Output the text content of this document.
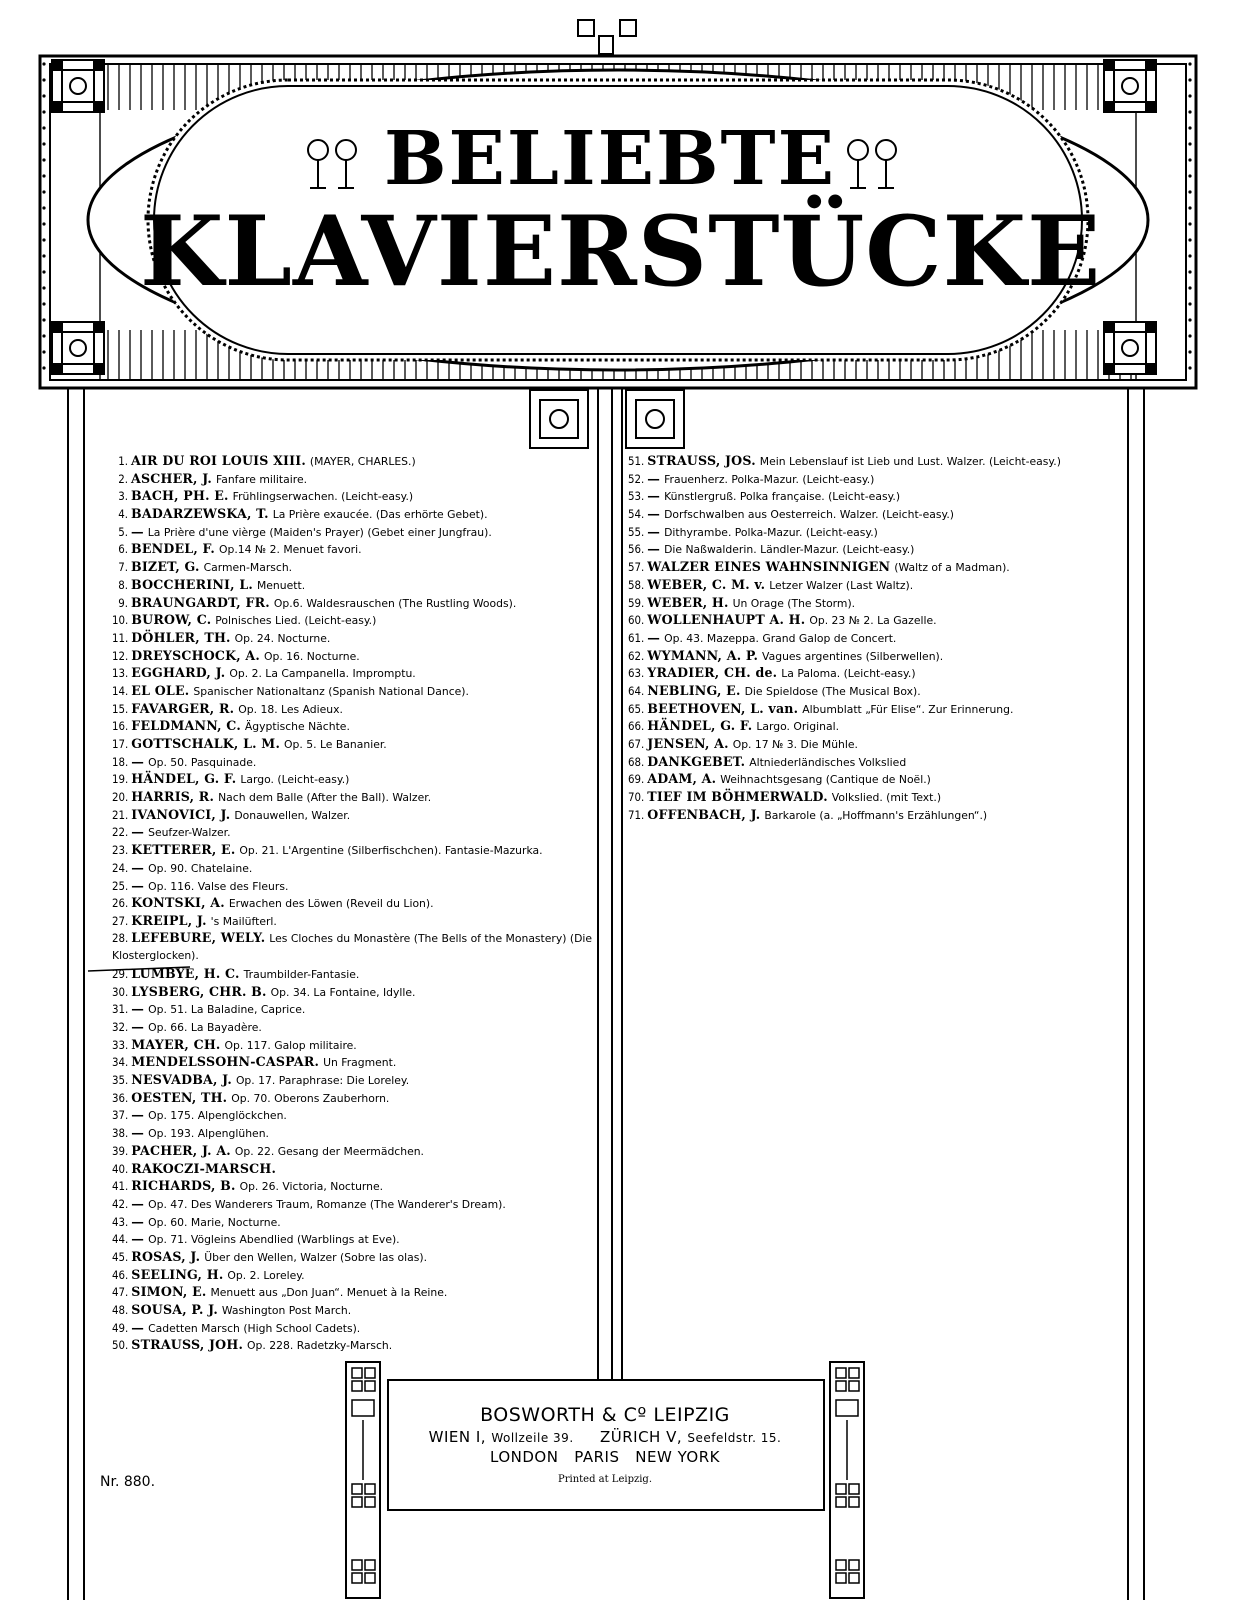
BELIEBTE
KLAVIERSTÜCKE
1. AIR DU ROI LOUIS XIII. (MAYER, CHARLES.)
2. ASCHER, J. Fanfare militaire.
3. BACH, PH. E. Frühlingserwachen. (Leicht-easy.)
4. BADARZEWSKA, T. La Prière exaucée. (Das erhörte Gebet).
5. — La Prière d'une vièrge (Maiden's Prayer) (Gebet einer Jungfrau).
6. BENDEL, F. Op.14 № 2. Menuet favori.
7. BIZET, G. Carmen-Marsch.
8. BOCCHERINI, L. Menuett.
9. BRAUNGARDT, FR. Op.6. Waldesrauschen (The Rustling Woods).
10. BUROW, C. Polnisches Lied. (Leicht-easy.)
11. DÖHLER, TH. Op. 24. Nocturne.
12. DREYSCHOCK, A. Op. 16. Nocturne.
13. EGGHARD, J. Op. 2. La Campanella. Impromptu.
14. EL OLE. Spanischer Nationaltanz (Spanish National Dance).
15. FAVARGER, R. Op. 18. Les Adieux.
16. FELDMANN, C. Ägyptische Nächte.
17. GOTTSCHALK, L. M. Op. 5. Le Bananier.
18. — Op. 50. Pasquinade.
19. HÄNDEL, G. F. Largo. (Leicht-easy.)
20. HARRIS, R. Nach dem Balle (After the Ball). Walzer.
21. IVANOVICI, J. Donauwellen, Walzer.
22. — Seufzer-Walzer.
23. KETTERER, E. Op. 21. L'Argentine (Silberfischchen). Fantasie-Mazurka.
24. — Op. 90. Chatelaine.
25. — Op. 116. Valse des Fleurs.
26. KONTSKI, A. Erwachen des Löwen (Reveil du Lion).
27. KREIPL, J. 's Mailüfterl.
28. LEFEBURE, WELY. Les Cloches du Monastère (The Bells of the Monastery) (Die Klosterglocken).
29. LUMBYE, H. C. Traumbilder-Fantasie.
30. LYSBERG, CHR. B. Op. 34. La Fontaine, Idylle.
31. — Op. 51. La Baladine, Caprice.
32. — Op. 66. La Bayadère.
33. MAYER, CH. Op. 117. Galop militaire.
34. MENDELSSOHN-CASPAR. Un Fragment.
35. NESVADBA, J. Op. 17. Paraphrase: Die Loreley.
36. OESTEN, TH. Op. 70. Oberons Zauberhorn.
37. — Op. 175. Alpenglöckchen.
38. — Op. 193. Alpenglühen.
39. PACHER, J. A. Op. 22. Gesang der Meermädchen.
40. RAKOCZI-MARSCH.
41. RICHARDS, B. Op. 26. Victoria, Nocturne.
42. — Op. 47. Des Wanderers Traum, Romanze (The Wanderer's Dream).
43. — Op. 60. Marie, Nocturne.
44. — Op. 71. Vögleins Abendlied (Warblings at Eve).
45. ROSAS, J. Über den Wellen, Walzer (Sobre las olas).
46. SEELING, H. Op. 2. Loreley.
47. SIMON, E. Menuett aus „Don Juan“. Menuet à la Reine.
48. SOUSA, P. J. Washington Post March.
49. — Cadetten Marsch (High School Cadets).
50. STRAUSS, JOH. Op. 228. Radetzky-Marsch.
51. STRAUSS, JOS. Mein Lebenslauf ist Lieb und Lust. Walzer. (Leicht-easy.)
52. — Frauenherz. Polka-Mazur. (Leicht-easy.)
53. — Künstlergruß. Polka française. (Leicht-easy.)
54. — Dorfschwalben aus Oesterreich. Walzer. (Leicht-easy.)
55. — Dithyrambe. Polka-Mazur. (Leicht-easy.)
56. — Die Naßwalderin. Ländler-Mazur. (Leicht-easy.)
57. WALZER EINES WAHNSINNIGEN (Waltz of a Madman).
58. WEBER, C. M. v. Letzer Walzer (Last Waltz).
59. WEBER, H. Un Orage (The Storm).
60. WOLLENHAUPT A. H. Op. 23 № 2. La Gazelle.
61. — Op. 43. Mazeppa. Grand Galop de Concert.
62. WYMANN, A. P. Vagues argentines (Silberwellen).
63. YRADIER, CH. de. La Paloma. (Leicht-easy.)
64. NEBLING, E. Die Spieldose (The Musical Box).
65. BEETHOVEN, L. van. Albumblatt „Für Elise“. Zur Erinnerung.
66. HÄNDEL, G. F. Largo. Original.
67. JENSEN, A. Op. 17 № 3. Die Mühle.
68. DANKGEBET. Altniederländisches Volkslied
69. ADAM, A. Weihnachtsgesang (Cantique de Noël.)
70. TIEF IM BÖHMERWALD. Volkslied. (mit Text.)
71. OFFENBACH, J. Barkarole (a. „Hoffmann's Erzählungen“.)
BOSWORTH & Cº LEIPZIG
WIEN I, Wollzeile 39. ZÜRICH V, Seefeldstr. 15.
LONDON   PARIS   NEW YORK
Printed at Leipzig.
Nr. 880.
